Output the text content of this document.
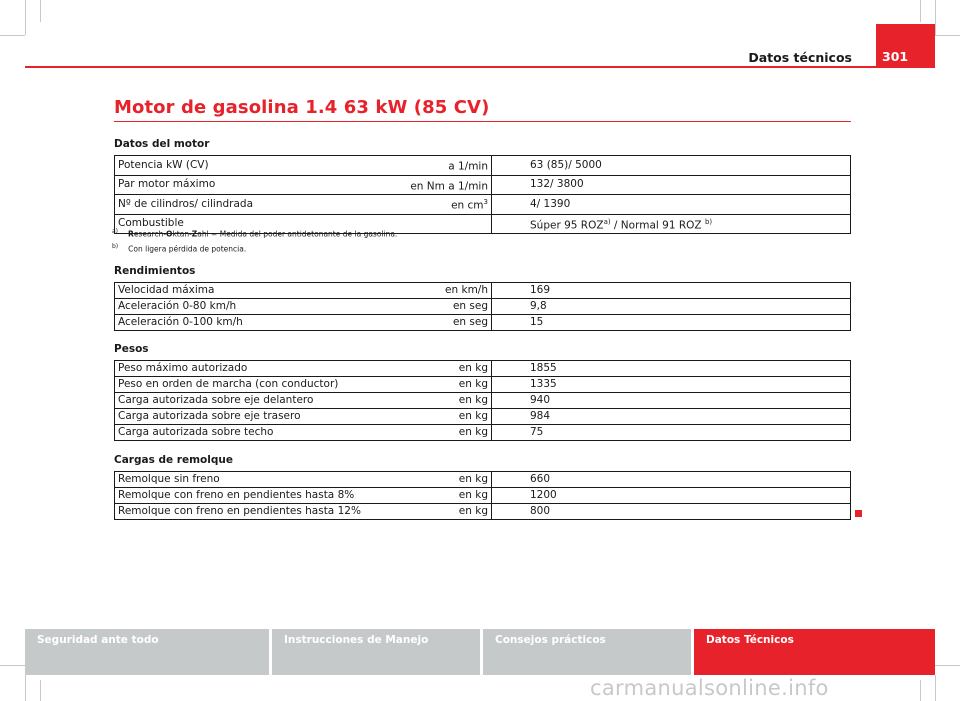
Datos técnicos	301
Motor de gasolina 1.4 63 kW (85 CV)
Datos del motor
Potencia kW (CV)	a 1/min	63 (85)/ 5000
Par motor máximo	en Nm a 1/min	132/ 3800
Nº de cilindros/ cilindrada	en $cm^3$	4/ 1390
Combustible		Súper 95 ROZ$^{a)}$ / Normal 91 ROZ $^{b)}$
$^{a)}$ Research-Oktan-Zahl = Medida del poder antidetonante de la gasolina.
$^{b)}$ Con ligera pérdida de potencia.
Rendimientos
Velocidad máxima	en km/h	169
Aceleración 0-80 km/h	en seg	9,8
Aceleración 0-100 km/h	en seg	15
Pesos
Peso máximo autorizado	en kg	1855
Peso en orden de marcha (con conductor)	en kg	1335
Carga autorizada sobre eje delantero	en kg	940
Carga autorizada sobre eje trasero	en kg	984
Carga autorizada sobre techo	en kg	75
Cargas de remolque
Remolque sin freno	en kg	660
Remolque con freno en pendientes hasta 8%	en kg	1200
Remolque con freno en pendientes hasta 12%	en kg	800
Seguridad ante todo	Instrucciones de Manejo	Consejos prácticos	Datos Técnicos
carmanualsonline.info
